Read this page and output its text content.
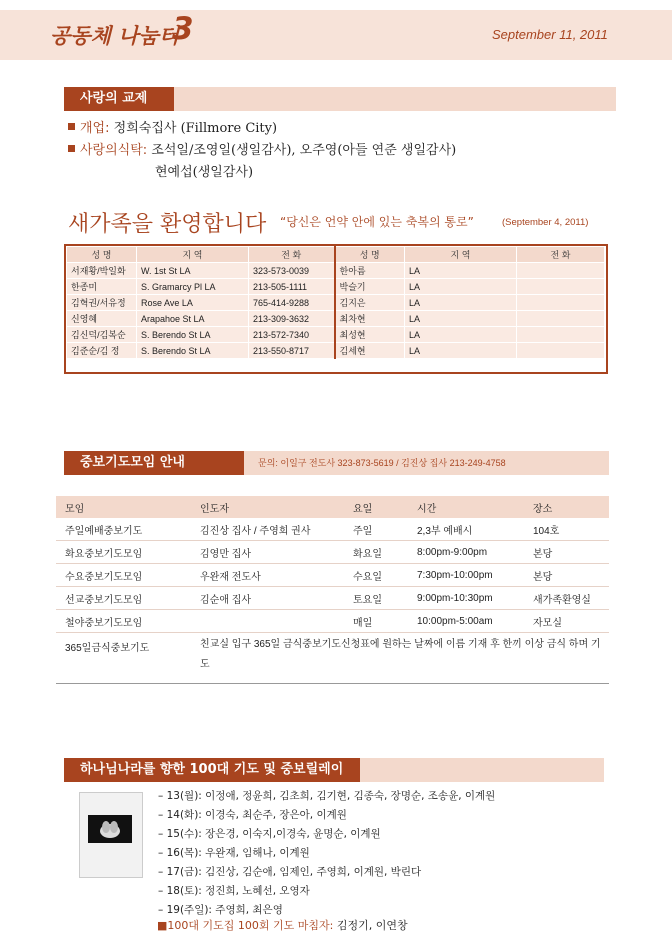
공동체 나눔터
3	September 11, 2011
사랑의 교제
개업: 정희숙집사 (Fillmore City)
사랑의식탁: 조석일/조영일(생일감사), 오주영(아들 연준 생일감사)
현예섭(생일감사)
새가족을 환영합니다 “당신은 언약 안에 있는 축복의 통로”	(September 4, 2011)
성 명	지 역	전 화	성 명	지 역	전 화
서재황/박일화	W. 1st St LA	323-573-0039	한아름	LA	
한종미	S. Gramarcy Pl LA	213-505-1111	박슬기	LA	
김혁권/서유정	Rose Ave LA	765-414-9288	김지은	LA	
신영혜	Arapahoe St LA	213-309-3632	최차현	LA	
김신덕/김복순	S. Berendo St LA	213-572-7340	최성현	LA	
김준순/김 정	S. Berendo St LA	213-550-8717	김세현	LA	
중보기도모임 안내	문의: 이일구 전도사 323-873-5619 / 김진상 집사 213-249-4758
모임	인도자	요일	시간	장소
주일예배중보기도	김진상 집사 / 주영희 권사	주일	2,3부 예배시	104호
화요중보기도모임	김영만 집사	화요일	8:00pm-9:00pm	본당
수요중보기도모임	우완재 전도사	수요일	7:30pm-10:00pm	본당
선교중보기도모임	김순애 집사	토요일	9:00pm-10:30pm	새가족환영실
철야중보기도모임		매일	10:00pm-5:00am	자모실
365일금식중보기도	친교실 입구 365일 금식중보기도신청표에 원하는 날짜에 이름 기재 후 한끼 이상 금식 하며 기도			
하나님나라를 향한 100대 기도 및 중보릴레이
– 13(월): 이정애, 정윤희, 김초희, 김기현, 김종숙, 장명순, 조송윤, 이계원
– 14(화): 이경숙, 최순주, 장은아, 이계원
– 15(수): 장은경, 이숙지,이경숙, 윤명순, 이계원
– 16(목): 우완재, 임해나, 이계원
– 17(금): 김진상, 김순애, 임제인, 주영희, 이계원, 박린다
– 18(토): 정진희, 노혜선, 오영자
– 19(주일): 주영희, 최은영
■100대 기도집 100회 기도 마침자: 김정기, 이연창
